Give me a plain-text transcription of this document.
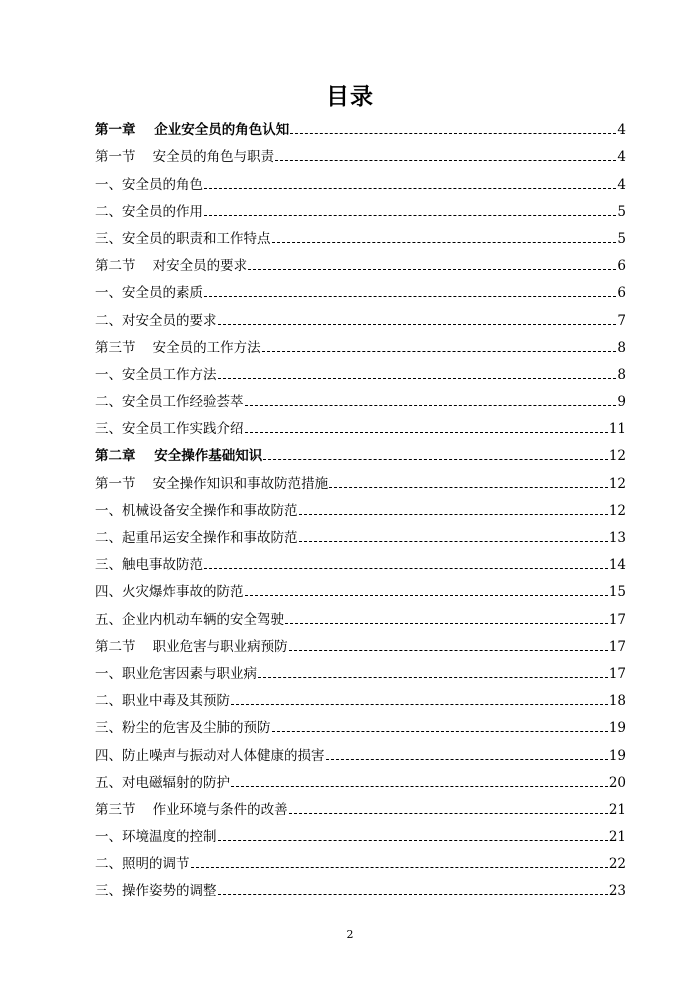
目录
第一章    企业安全员的角色认知	4
第一节    安全员的角色与职责	4
一、安全员的角色	4
二、安全员的作用	5
三、安全员的职责和工作特点	5
第二节    对安全员的要求	6
一、安全员的素质	6
二、对安全员的要求	7
第三节    安全员的工作方法	8
一、安全员工作方法	8
二、安全员工作经验荟萃	9
三、安全员工作实践介绍	11
第二章    安全操作基础知识	12
第一节    安全操作知识和事故防范措施	12
一、机械设备安全操作和事故防范	12
二、起重吊运安全操作和事故防范	13
三、触电事故防范	14
四、火灾爆炸事故的防范	15
五、企业内机动车辆的安全驾驶	17
第二节    职业危害与职业病预防	17
一、职业危害因素与职业病	17
二、职业中毒及其预防	18
三、粉尘的危害及尘肺的预防	19
四、防止噪声与振动对人体健康的损害	19
五、对电磁辐射的防护	20
第三节    作业环境与条件的改善	21
一、环境温度的控制	21
二、照明的调节	22
三、操作姿势的调整	23
2
